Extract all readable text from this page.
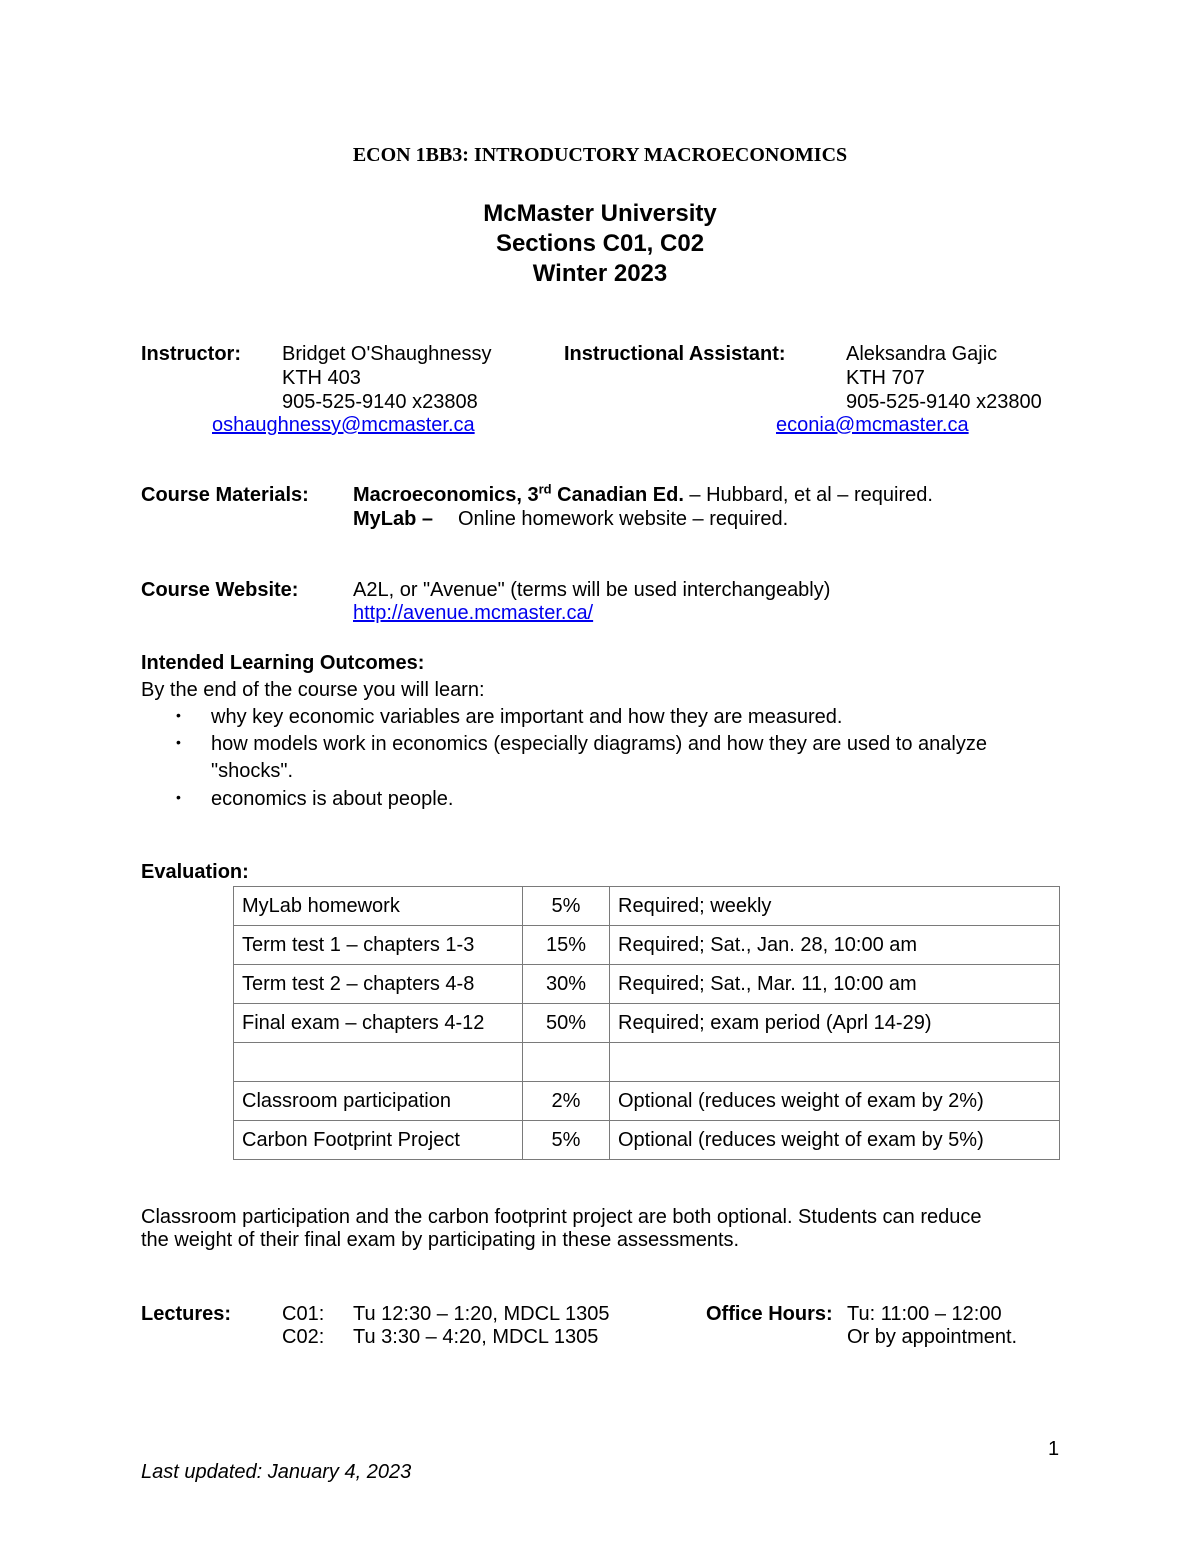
ECON 1BB3: INTRODUCTORY MACROECONOMICS
McMaster University
Sections C01, C02
Winter 2023
Instructor: Bridget O'Shaughnessy
KTH 403
905-525-9140 x23808
oshaughnessy@mcmaster.ca
Instructional Assistant:	Aleksandra Gajic
KTH 707
905-525-9140 x23800
econia@mcmaster.ca
Course Materials: Macroeconomics, 3rd Canadian Ed. – Hubbard, et al – required.
MyLab – Online homework website – required.
Course Website:	A2L, or "Avenue" (terms will be used interchangeably)
http://avenue.mcmaster.ca/
Intended Learning Outcomes:
By the end of the course you will learn:
• why key economic variables are important and how they are measured.
• how models work in economics (especially diagrams) and how they are used to analyze
"shocks".
• economics is about people.
Evaluation:
MyLab homework	5%	Required; weekly
Term test 1 – chapters 1-3	15%	Required; Sat., Jan. 28, 10:00 am
Term test 2 – chapters 4-8	30%	Required; Sat., Mar. 11, 10:00 am
Final exam – chapters 4-12	50%	Required; exam period (Aprl 14-29)

Classroom participation	2%	Optional (reduces weight of exam by 2%)
Carbon Footprint Project	5%	Optional (reduces weight of exam by 5%)
Classroom participation and the carbon footprint project are both optional. Students can reduce
the weight of their final exam by participating in these assessments.
Lectures:	C01: Tu 12:30 – 1:20, MDCL 1305
C02: Tu 3:30 – 4:20, MDCL 1305
Office Hours: Tu: 11:00 – 12:00
Or by appointment.
1
Last updated: January 4, 2023
